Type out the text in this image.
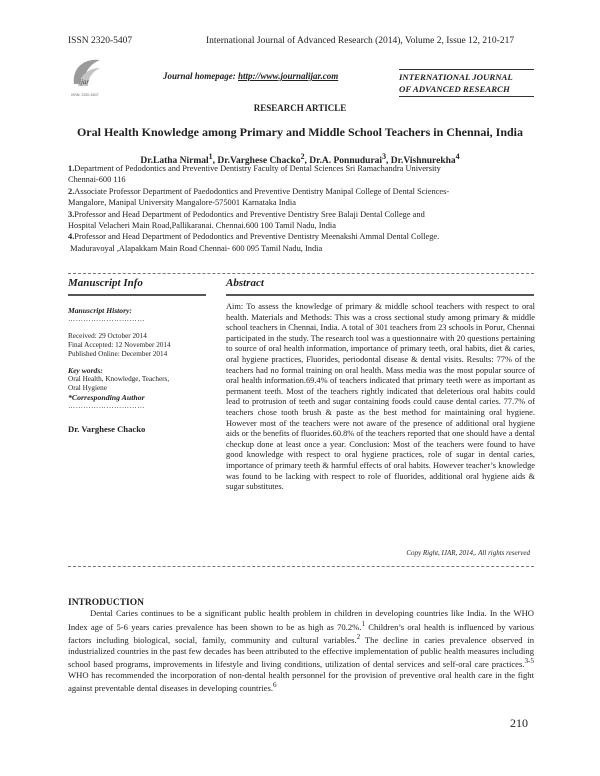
ISSN 2320-5407	International Journal of Advanced Research (2014), Volume 2, Issue 12, 210-217
ijar
ISSN: 2320-5407
Journal homepage: http://www.journalijar.com	INTERNATIONAL JOURNAL
OF ADVANCED RESEARCH
RESEARCH ARTICLE
Oral Health Knowledge among Primary and Middle School Teachers in Chennai, India
Dr.Latha Nirmal$^1$, Dr.Varghese Chacko$^2$, Dr.A. Ponnudurai$^3$, Dr.Vishnurekha$^4$

1.Department of Pedodontics and Preventive Dentistry Faculty of Dental Sciences Sri Ramachandra University
Chennai-600 116

2.Associate Professor Department of Paedodontics and Preventive Dentistry Manipal College of Dental Sciences-
Mangalore, Manipal University Mangalore-575001 Karnataka India

3.Professor and Head Department of Pedodontics and Preventive Dentistry Sree Balaji Dental College and
Hospital Velacheri Main Road,Pallikaranai. Chennai.600 100 Tamil Nadu, India

4.Professor and Head Department of Pedodontics and Preventive Dentistry Meenakshi Ammal Dental College.
Maduravoyal ,Alapakkam Main Road Chennai- 600 095 Tamil Nadu, India

Manuscript Info	Abstract
Manuscript History:
…………………………
Received: 29 October 2014
Final Accepted: 12 November 2014
Published Online: December 2014
Key words:
Oral Health, Knowledge, Teachers,
Oral Hygiene
*Corresponding Author
…………………………
Dr. Varghese Chacko
Aim: To assess the knowledge of primary & middle school teachers with respect to oral health. Materials and Methods: This was a cross sectional study among primary & middle school teachers in Chennai, India. A total of 301 teachers from 23 schools in Porur, Chennai participated in the study. The research tool was a questionnaire with 20 questions pertaining to source of oral health information, importance of primary teeth, oral habits, diet & caries, oral hygiene practices, Fluorides, periodontal disease & dental visits. Results: 77% of the teachers had no formal training on oral health. Mass media was the most popular source of oral health information.69.4% of teachers indicated that primary teeth were as important as permanent teeth. Most of the teachers rightly indicated that deleterious oral habits could lead to protrusion of teeth and sugar containing foods could cause dental caries. 77.7% of teachers chose tooth brush & paste as the best method for maintaining oral hygiene. However most of the teachers were not aware of the presence of additional oral hygiene aids or the benefits of fluorides.60.8% of the teachers reported that one should have a dental checkup done at least once a year. Conclusion: Most of the teachers were found to have good knowledge with respect to oral hygiene practices, role of sugar in dental caries, importance of primary teeth & harmful effects of oral habits. However teacher’s knowledge was found to be lacking with respect to role of fluorides, additional oral hygiene aids & sugar substitutes.
Copy Right, IJAR, 2014,. All rights reserved
INTRODUCTION

Dental Caries continues to be a significant public health problem in children in developing countries like India. In the WHO Index age of 5-6 years caries prevalence has been shown to be as high as 70.2%.$^1$ Children’s oral health is influenced by various factors including biological, social, family, community and cultural variables.$^2$ The decline in caries prevalence observed in industrialized countries in the past few decades has been attributed to the effective implementation of public health measures including school based programs, improvements in lifestyle and living conditions, utilization of dental services and self-oral care practices.$^{3-5}$ WHO has recommended the incorporation of non-dental health personnel for the provision of preventive oral health care in the fight against preventable dental diseases in developing countries.$^6$

210
